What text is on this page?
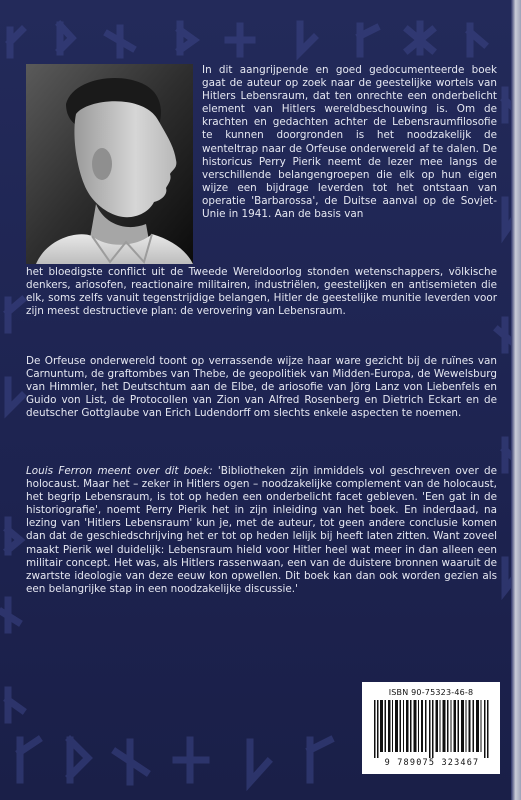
In dit aangrijpende en goed gedocumenteerde boek gaat de auteur op zoek naar de geestelijke wortels van Hitlers Lebensraum, dat ten onrechte een onderbelicht element van Hitlers wereldbeschouwing is. Om de krachten en gedachten achter de Lebensraumfilosofie te kunnen doorgronden is het noodzakelijk de wenteltrap naar de Orfeuse onderwereld af te dalen. De historicus Perry Pierik neemt de lezer mee langs de verschillende belangengroepen die elk op hun eigen wijze een bijdrage leverden tot het ontstaan van operatie 'Barbarossa', de Duitse aanval op de Sovjet-Unie in 1941. Aan de basis van
het bloedigste conflict uit de Tweede Wereldoorlog stonden wetenschappers, völkische denkers, ariosofen, reactionaire militairen, industriëlen, geestelijken en antisemieten die elk, soms zelfs vanuit tegenstrijdige belangen, Hitler de geestelijke munitie leverden voor zijn meest destructieve plan: de verovering van Lebensraum.
De Orfeuse onderwereld toont op verrassende wijze haar ware gezicht bij de ruïnes van Carnuntum, de graftombes van Thebe, de geopolitiek van Midden-Europa, de Wewelsburg van Himmler, het Deutschtum aan de Elbe, de ariosofie van Jörg Lanz von Liebenfels en Guido von List, de Protocollen van Zion van Alfred Rosenberg en Dietrich Eckart en de deutscher Gottglaube van Erich Ludendorff om slechts enkele aspecten te noemen.
Louis Ferron meent over dit boek: 'Bibliotheken zijn inmiddels vol geschreven over de holocaust. Maar het – zeker in Hitlers ogen – noodzakelijke complement van de holocaust, het begrip Lebensraum, is tot op heden een onderbelicht facet gebleven. 'Een gat in de historiografie', noemt Perry Pierik het in zijn inleiding van het boek. En inderdaad, na lezing van 'Hitlers Lebensraum' kun je, met de auteur, tot geen andere conclusie komen dan dat de geschiedschrijving het er tot op heden lelijk bij heeft laten zitten. Want zoveel maakt Pierik wel duidelijk: Lebensraum hield voor Hitler heel wat meer in dan alleen een militair concept. Het was, als Hitlers rassenwaan, een van de duistere bronnen waaruit de zwartste ideologie van deze eeuw kon opwellen. Dit boek kan dan ook worden gezien als een belangrijke stap in een noodzakelijke discussie.'
ISBN 90-75323-46-8
9 789075 323467
